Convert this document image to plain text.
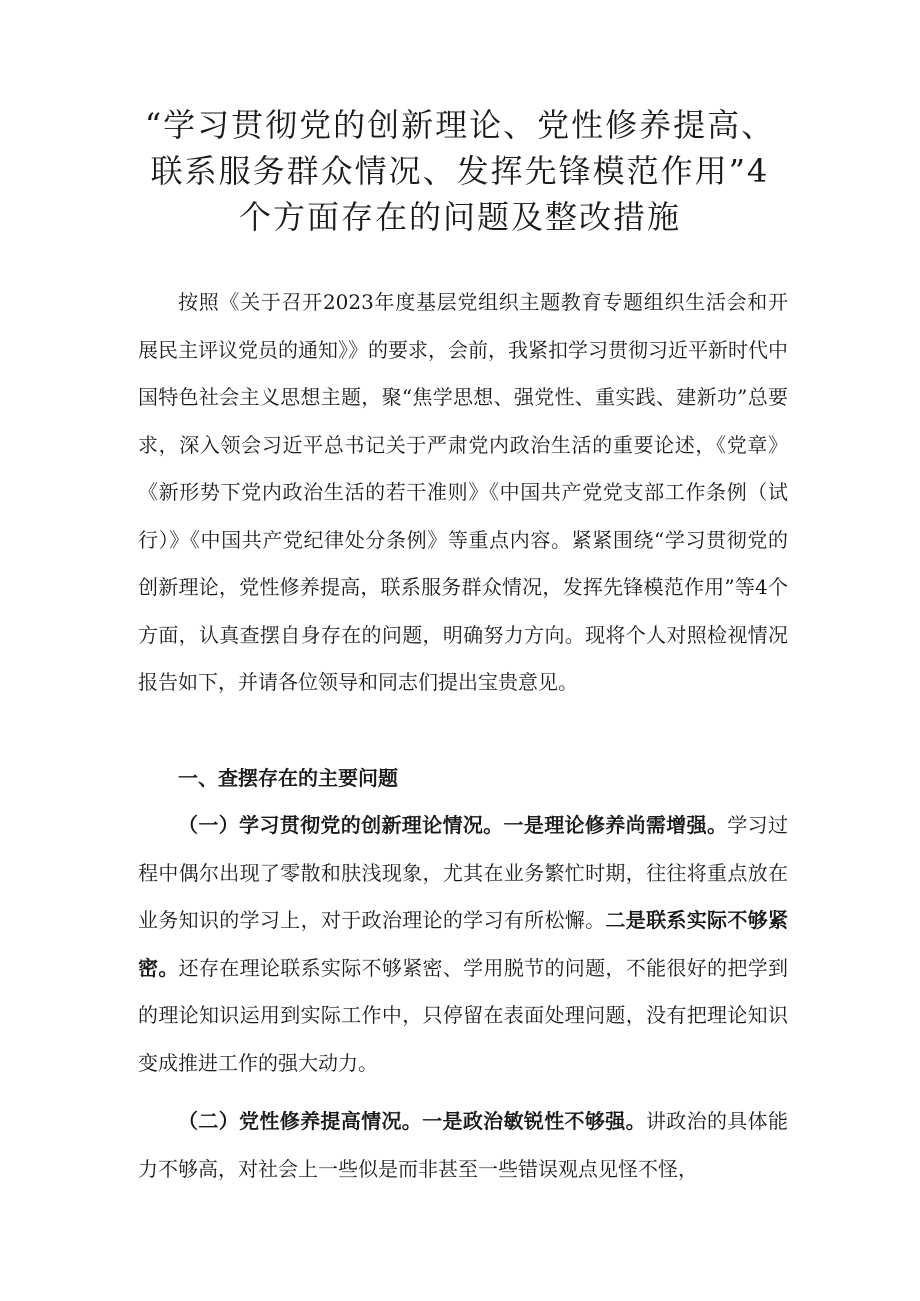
“学习贯彻党的创新理论、党性修养提高、
联系服务群众情况、发挥先锋模范作用”4
个方面存在的问题及整改措施

按照《关于召开2023年度基层党组织主题教育专题组织生活会和开展民主评议党员的通知》》的要求，会前，我紧扣学习贯彻习近平新时代中国特色社会主义思想主题，聚“焦学思想、强党性、重实践、建新功”总要求，深入领会习近平总书记关于严肃党内政治生活的重要论述，《党章》《新形势下党内政治生活的若干准则》《中国共产党党支部工作条例（试行）》《中国共产党纪律处分条例》等重点内容。紧紧围绕“学习贯彻党的创新理论，党性修养提高，联系服务群众情况，发挥先锋模范作用”等4个方面，认真查摆自身存在的问题，明确努力方向。现将个人对照检视情况报告如下，并请各位领导和同志们提出宝贵意见。

一、查摆存在的主要问题

（一）学习贯彻党的创新理论情况。一是理论修养尚需增强。学习过程中偶尔出现了零散和肤浅现象，尤其在业务繁忙时期，往往将重点放在业务知识的学习上，对于政治理论的学习有所松懈。二是联系实际不够紧密。还存在理论联系实际不够紧密、学用脱节的问题，不能很好的把学到的理论知识运用到实际工作中，只停留在表面处理问题，没有把理论知识变成推进工作的强大动力。

（二）党性修养提高情况。一是政治敏锐性不够强。讲政治的具体能力不够高，对社会上一些似是而非甚至一些错误观点见怪不怪，
